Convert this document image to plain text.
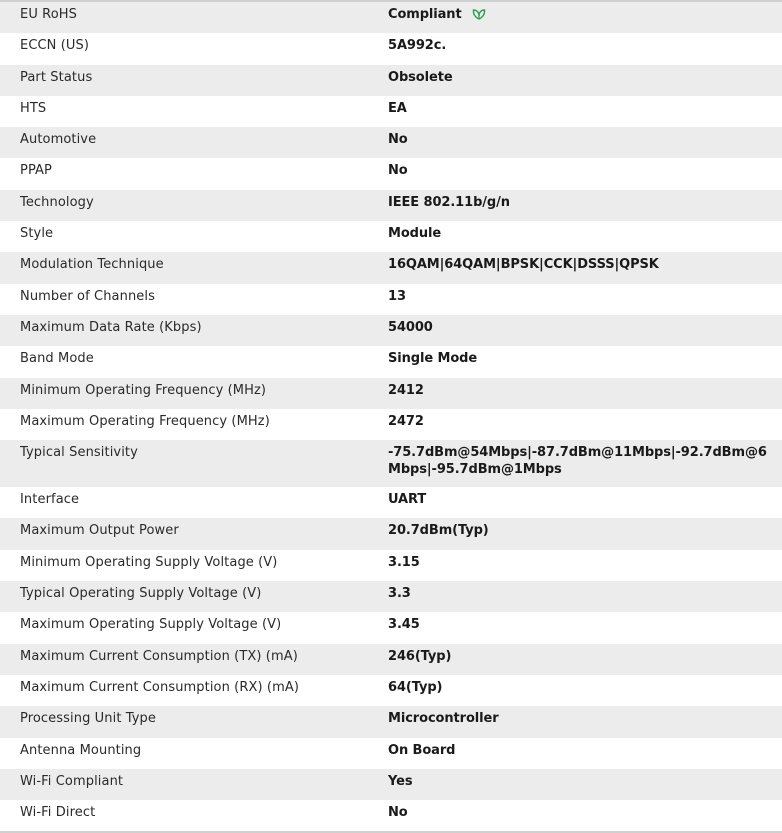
EU RoHS	Compliant
ECCN (US)	5A992c.
Part Status	Obsolete
HTS	EA
Automotive	No
PPAP	No
Technology	IEEE 802.11b/g/n
Style	Module
Modulation Technique	16QAM|64QAM|BPSK|CCK|DSSS|QPSK
Number of Channels	13
Maximum Data Rate (Kbps)	54000
Band Mode	Single Mode
Minimum Operating Frequency (MHz)	2412
Maximum Operating Frequency (MHz)	2472
Typical Sensitivity	-75.7dBm@54Mbps|-87.7dBm@11Mbps|-92.7dBm@6Mbps|-95.7dBm@1Mbps
Interface	UART
Maximum Output Power	20.7dBm(Typ)
Minimum Operating Supply Voltage (V)	3.15
Typical Operating Supply Voltage (V)	3.3
Maximum Operating Supply Voltage (V)	3.45
Maximum Current Consumption (TX) (mA)	246(Typ)
Maximum Current Consumption (RX) (mA)	64(Typ)
Processing Unit Type	Microcontroller
Antenna Mounting	On Board
Wi-Fi Compliant	Yes
Wi-Fi Direct	No
